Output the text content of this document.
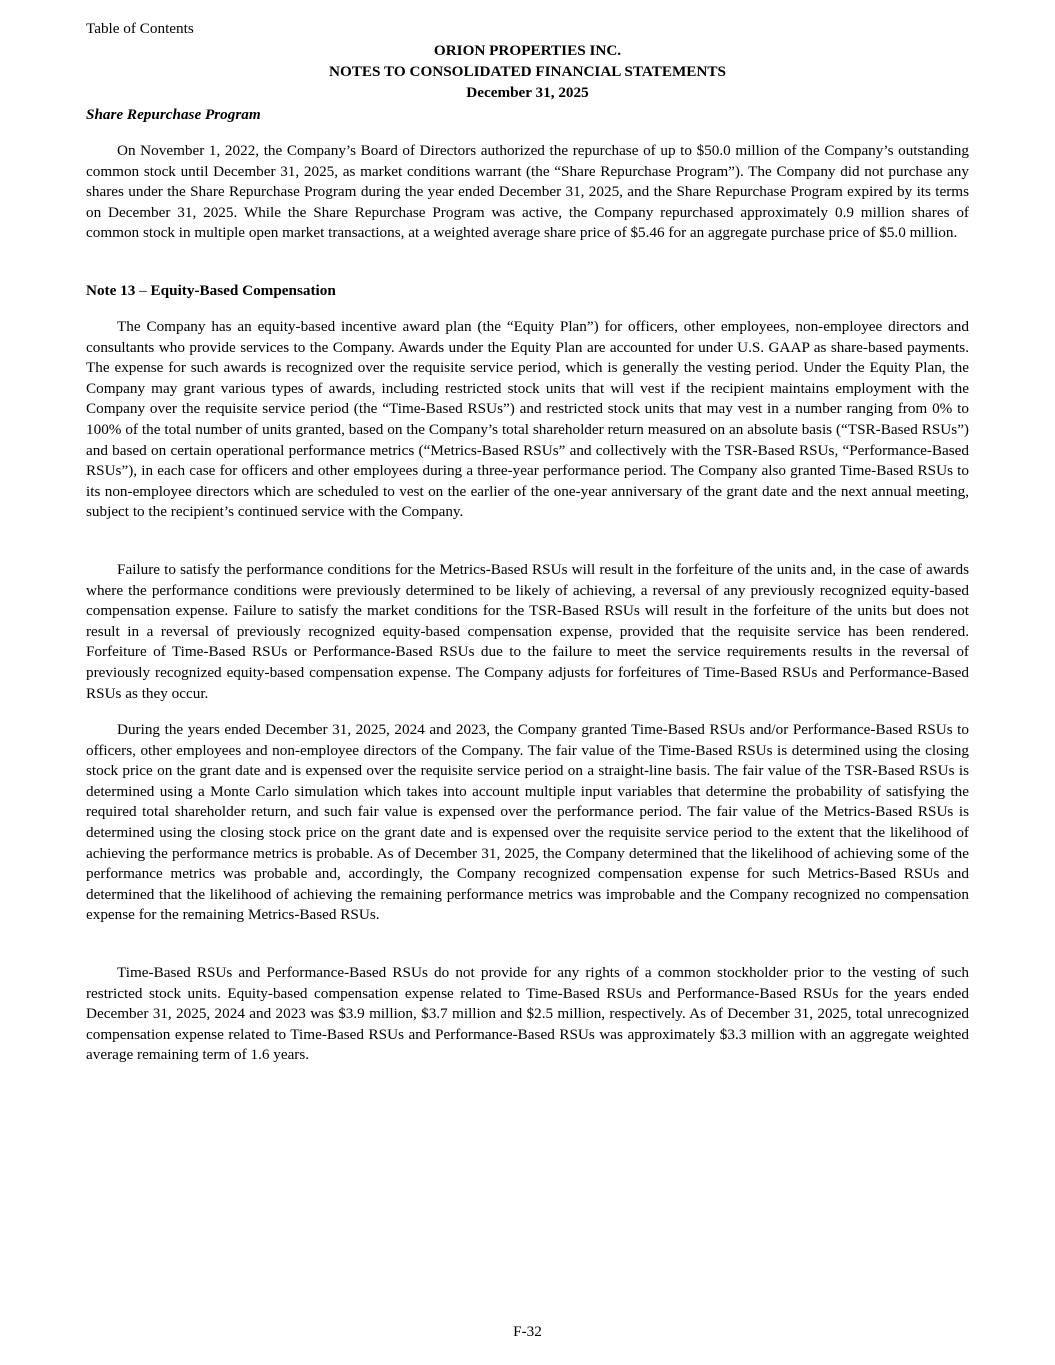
Table of Contents
ORION PROPERTIES INC.
NOTES TO CONSOLIDATED FINANCIAL STATEMENTS
December 31, 2025
Share Repurchase Program

On November 1, 2022, the Company’s Board of Directors authorized the repurchase of up to $50.0 million of the Company’s outstanding common stock until December 31, 2025, as market conditions warrant (the “Share Repurchase Program”). The Company did not purchase any shares under the Share Repurchase Program during the year ended December 31, 2025, and the Share Repurchase Program expired by its terms on December 31, 2025. While the Share Repurchase Program was active, the Company repurchased approximately 0.9 million shares of common stock in multiple open market transactions, at a weighted average share price of $5.46 for an aggregate purchase price of $5.0 million.

Note 13 – Equity-Based Compensation

The Company has an equity-based incentive award plan (the “Equity Plan”) for officers, other employees, non-employee directors and consultants who provide services to the Company. Awards under the Equity Plan are accounted for under U.S. GAAP as share-based payments. The expense for such awards is recognized over the requisite service period, which is generally the vesting period. Under the Equity Plan, the Company may grant various types of awards, including restricted stock units that will vest if the recipient maintains employment with the Company over the requisite service period (the “Time-Based RSUs”) and restricted stock units that may vest in a number ranging from 0% to 100% of the total number of units granted, based on the Company’s total shareholder return measured on an absolute basis (“TSR-Based RSUs”) and based on certain operational performance metrics (“Metrics-Based RSUs” and collectively with the TSR-Based RSUs, “Performance-Based RSUs”), in each case for officers and other employees during a three-year performance period. The Company also granted Time-Based RSUs to its non-employee directors which are scheduled to vest on the earlier of the one-year anniversary of the grant date and the next annual meeting, subject to the recipient’s continued service with the Company.

Failure to satisfy the performance conditions for the Metrics-Based RSUs will result in the forfeiture of the units and, in the case of awards where the performance conditions were previously determined to be likely of achieving, a reversal of any previously recognized equity-based compensation expense. Failure to satisfy the market conditions for the TSR-Based RSUs will result in the forfeiture of the units but does not result in a reversal of previously recognized equity-based compensation expense, provided that the requisite service has been rendered. Forfeiture of Time-Based RSUs or Performance-Based RSUs due to the failure to meet the service requirements results in the reversal of previously recognized equity-based compensation expense. The Company adjusts for forfeitures of Time-Based RSUs and Performance-Based RSUs as they occur.

During the years ended December 31, 2025, 2024 and 2023, the Company granted Time-Based RSUs and/or Performance-Based RSUs to officers, other employees and non-employee directors of the Company. The fair value of the Time-Based RSUs is determined using the closing stock price on the grant date and is expensed over the requisite service period on a straight-line basis. The fair value of the TSR-Based RSUs is determined using a Monte Carlo simulation which takes into account multiple input variables that determine the probability of satisfying the required total shareholder return, and such fair value is expensed over the performance period. The fair value of the Metrics-Based RSUs is determined using the closing stock price on the grant date and is expensed over the requisite service period to the extent that the likelihood of achieving the performance metrics is probable. As of December 31, 2025, the Company determined that the likelihood of achieving some of the performance metrics was probable and, accordingly, the Company recognized compensation expense for such Metrics-Based RSUs and determined that the likelihood of achieving the remaining performance metrics was improbable and the Company recognized no compensation expense for the remaining Metrics-Based RSUs.

Time-Based RSUs and Performance-Based RSUs do not provide for any rights of a common stockholder prior to the vesting of such restricted stock units. Equity-based compensation expense related to Time-Based RSUs and Performance-Based RSUs for the years ended December 31, 2025, 2024 and 2023 was $3.9 million, $3.7 million and $2.5 million, respectively. As of December 31, 2025, total unrecognized compensation expense related to Time-Based RSUs and Performance-Based RSUs was approximately $3.3 million with an aggregate weighted average remaining term of 1.6 years.

F-32
